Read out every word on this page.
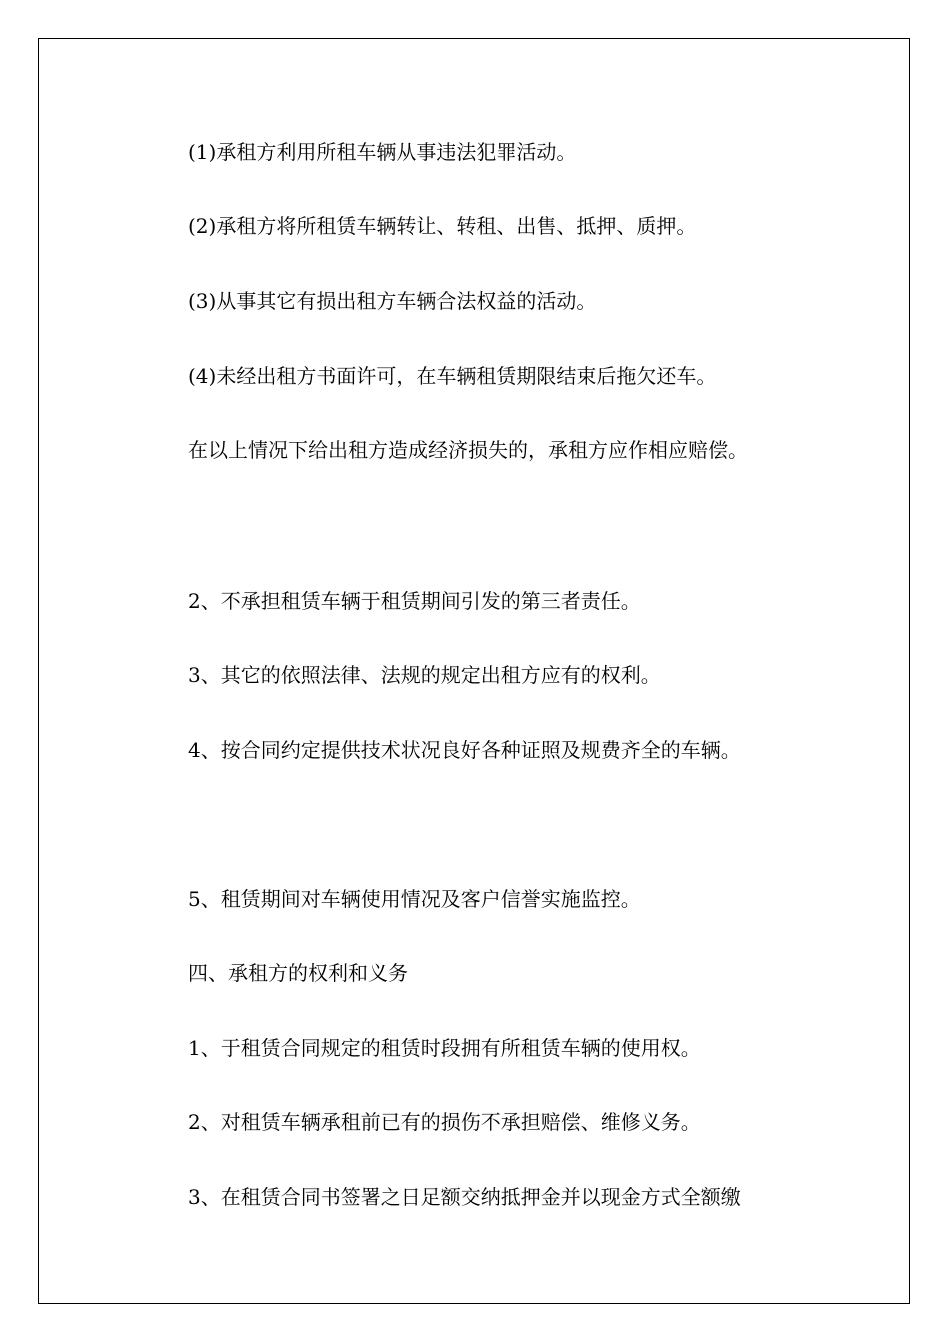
(1)承租方利用所租车辆从事违法犯罪活动。

(2)承租方将所租赁车辆转让、转租、出售、抵押、质押。

(3)从事其它有损出租方车辆合法权益的活动。

(4)未经出租方书面许可，在车辆租赁期限结束后拖欠还车。

在以上情况下给出租方造成经济损失的，承租方应作相应赔偿。

2、不承担租赁车辆于租赁期间引发的第三者责任。

3、其它的依照法律、法规的规定出租方应有的权利。

4、按合同约定提供技术状况良好各种证照及规费齐全的车辆。

5、租赁期间对车辆使用情况及客户信誉实施监控。

四、承租方的权利和义务

1、于租赁合同规定的租赁时段拥有所租赁车辆的使用权。

2、对租赁车辆承租前已有的损伤不承担赔偿、维修义务。

3、在租赁合同书签署之日足额交纳抵押金并以现金方式全额缴
